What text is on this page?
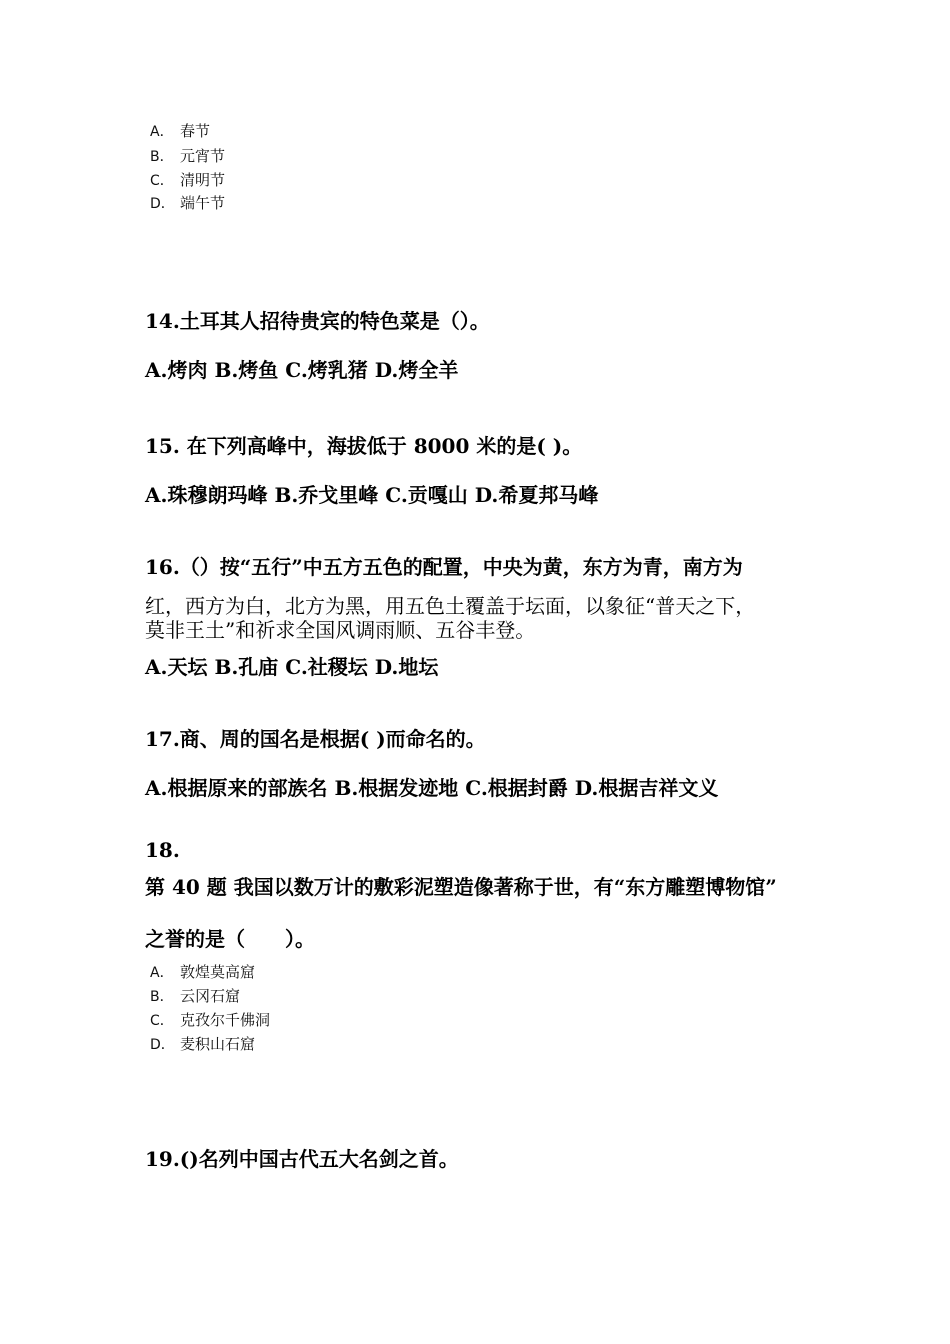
A． 春节
B． 元宵节
C． 清明节
D． 端午节
14.土耳其人招待贵宾的特色菜是（）。
A.烤肉 B.烤鱼 C.烤乳猪 D.烤全羊
15. 在下列高峰中，海拔低于 8000 米的是( )。
A.珠穆朗玛峰 B.乔戈里峰 C.贡嘎山 D.希夏邦马峰
16.（）按“五行”中五方五色的配置，中央为黄，东方为青，南方为
红，西方为白，北方为黑，用五色土覆盖于坛面，以象征“普天之下，
莫非王土”和祈求全国风调雨顺、五谷丰登。
A.天坛 B.孔庙 C.社稷坛 D.地坛
17.商、周的国名是根据( )而命名的。
A.根据原来的部族名 B.根据发迹地 C.根据封爵 D.根据吉祥文义
18.
第 40 题 我国以数万计的敷彩泥塑造像著称于世，有“东方雕塑博物馆”
之誉的是（　　）。
A． 敦煌莫高窟
B． 云冈石窟
C． 克孜尔千佛洞
D． 麦积山石窟
19.()名列中国古代五大名剑之首。
